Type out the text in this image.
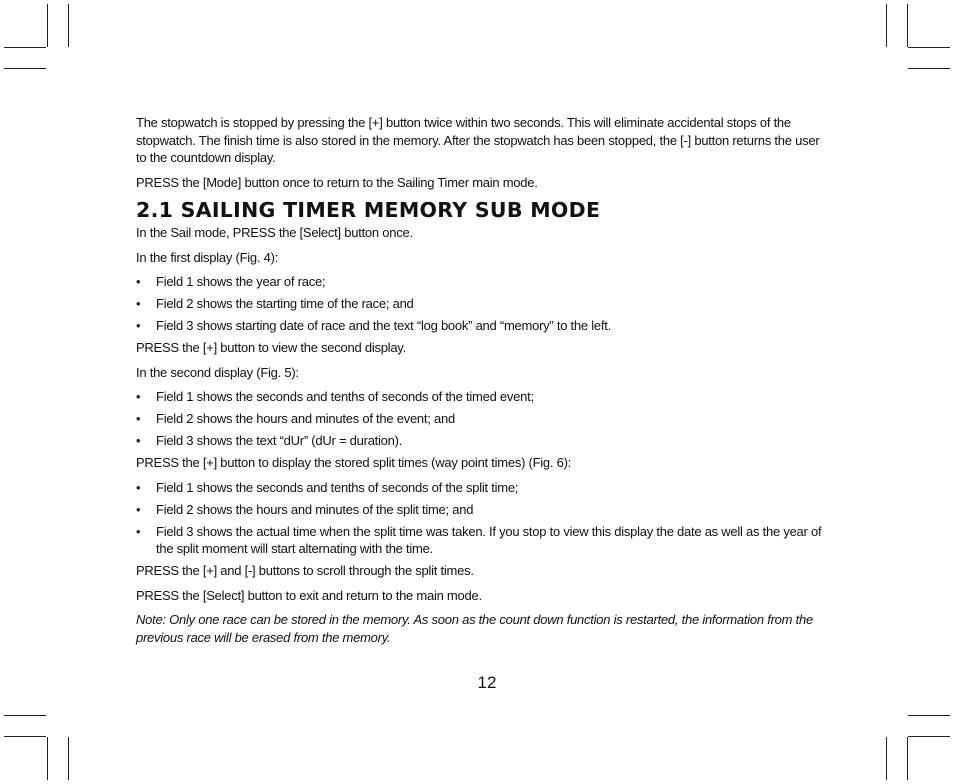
The stopwatch is stopped by pressing the [+] button twice within two seconds. This will eliminate accidental stops of the stopwatch. The finish time is also stored in the memory. After the stopwatch has been stopped, the [-] button returns the user to the countdown display.

PRESS the [Mode] button once to return to the Sailing Timer main mode.

2.1 SAILING TIMER MEMORY SUB MODE

In the Sail mode, PRESS the [Select] button once.

In the first display (Fig. 4):

• Field 1 shows the year of race;
• Field 2 shows the starting time of the race; and
• Field 3 shows starting date of race and the text “log book” and “memory” to the left.

PRESS the [+] button to view the second display.

In the second display (Fig. 5):

• Field 1 shows the seconds and tenths of seconds of the timed event;
• Field 2 shows the hours and minutes of the event; and
• Field 3 shows the text “dUr” (dUr = duration).

PRESS the [+] button to display the stored split times (way point times) (Fig. 6):

• Field 1 shows the seconds and tenths of seconds of the split time;
• Field 2 shows the hours and minutes of the split time; and
• Field 3 shows the actual time when the split time was taken. If you stop to view this display the date as well as the year of the split moment will start alternating with the time.

PRESS the [+] and [-] buttons to scroll through the split times.

PRESS the [Select] button to exit and return to the main mode.

Note: Only one race can be stored in the memory. As soon as the count down function is restarted, the information from the previous race will be erased from the memory.

12
